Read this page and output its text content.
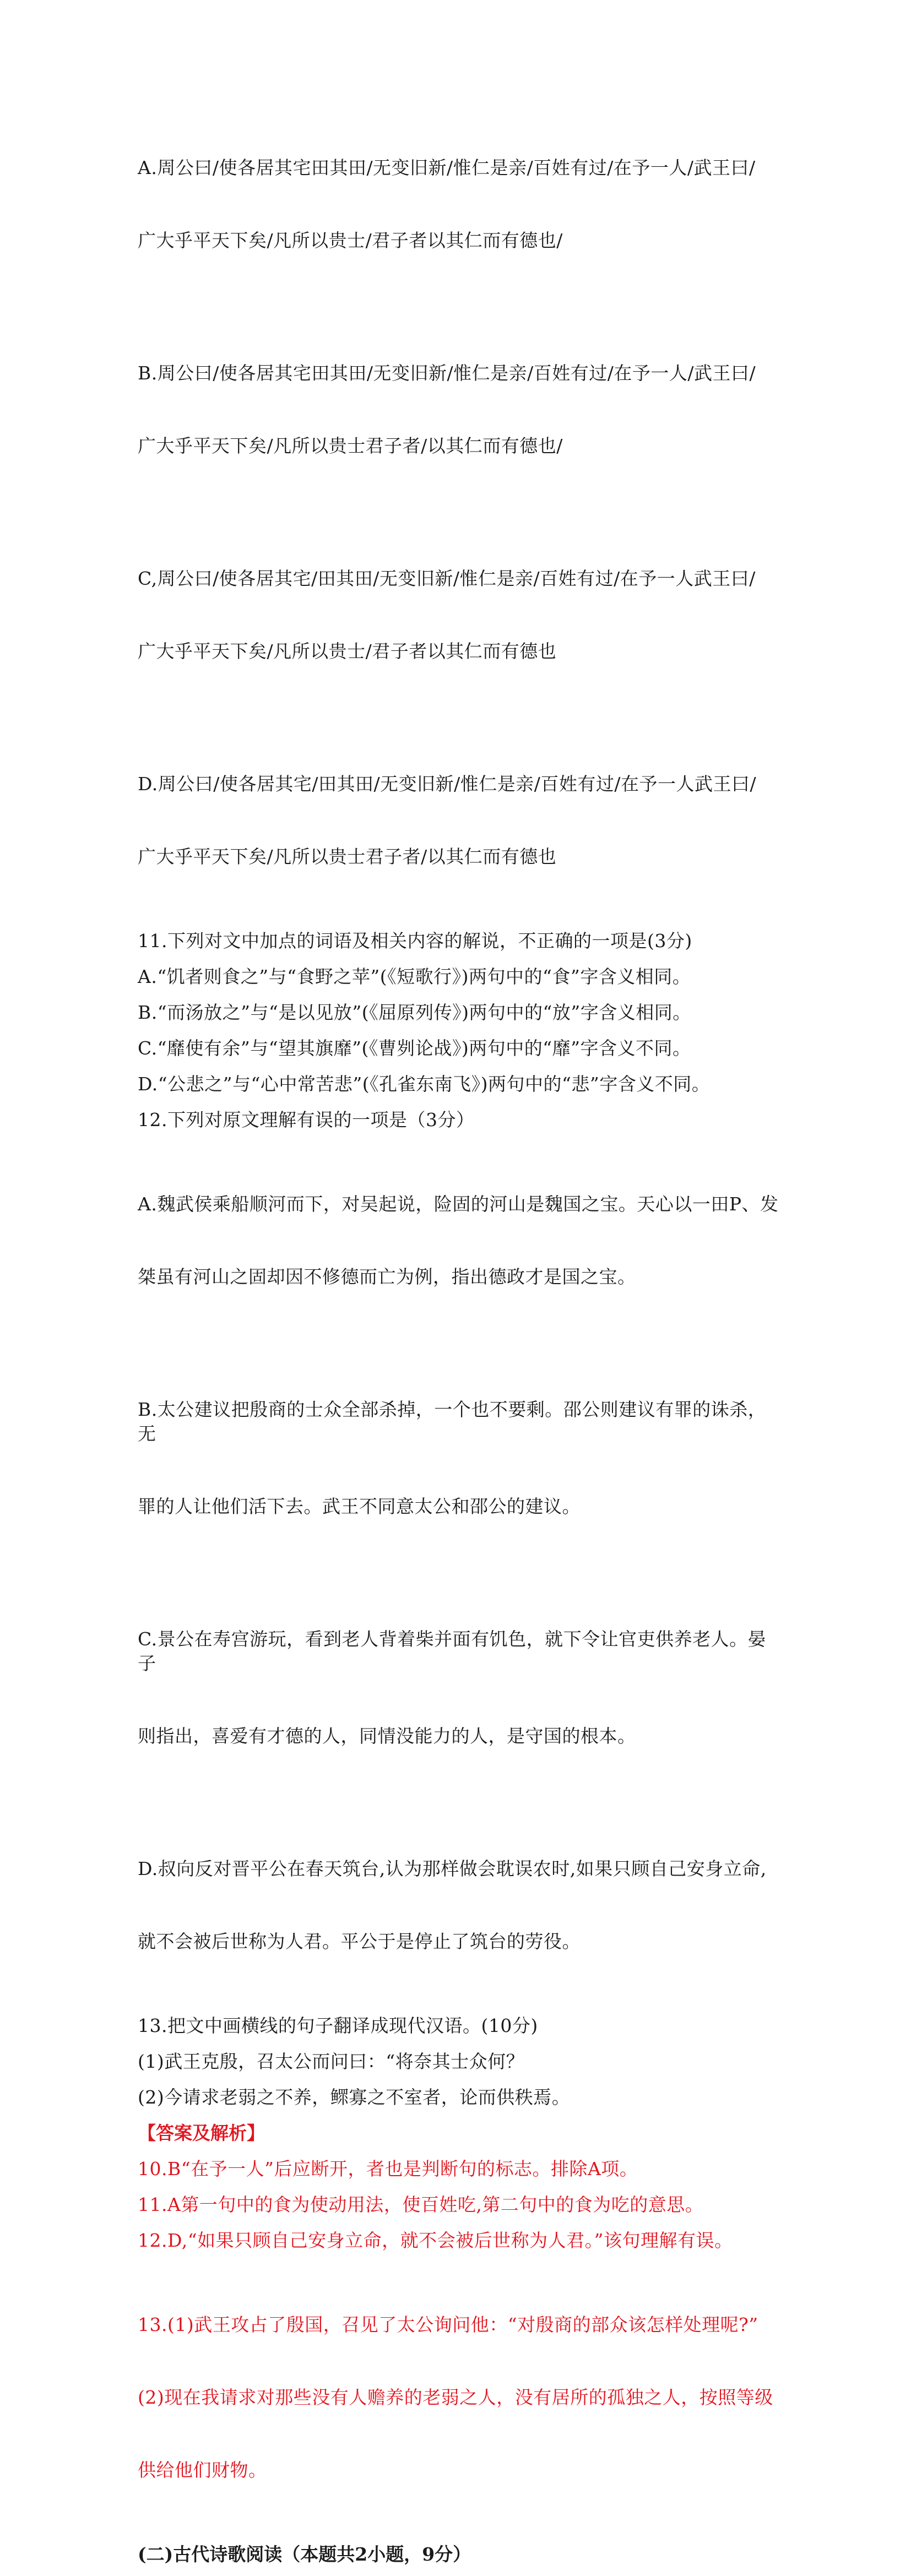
A.周公曰/使各居其宅田其田/无变旧新/惟仁是亲/百姓有过/在予一人/武王曰/

广大乎平天下矣/凡所以贵士/君子者以其仁而有德也/

B.周公曰/使各居其宅田其田/无变旧新/惟仁是亲/百姓有过/在予一人/武王曰/

广大乎平天下矣/凡所以贵士君子者/以其仁而有德也/

C,周公曰/使各居其宅/田其田/无变旧新/惟仁是亲/百姓有过/在予一人武王曰/

广大乎平天下矣/凡所以贵士/君子者以其仁而有德也

D.周公曰/使各居其宅/田其田/无变旧新/惟仁是亲/百姓有过/在予一人武王曰/

广大乎平天下矣/凡所以贵士君子者/以其仁而有德也

11.下列对文中加点的词语及相关内容的解说，不正确的一项是(3分)
A.“饥者则食之”与“食野之苹”(《短歌行》)两句中的“食”字含义相同。
B.“而汤放之”与“是以见放”(《屈原列传》)两句中的“放”字含义相同。
C.“靡使有余”与“望其旗靡”(《曹刿论战》)两句中的“靡”字含义不同。
D.“公悲之”与“心中常苦悲”(《孔雀东南飞》)两句中的“悲”字含义不同。
12.下列对原文理解有误的一项是（3分）

A.魏武侯乘船顺河而下，对吴起说，险固的河山是魏国之宝。天心以一田P、发

桀虽有河山之固却因不修德而亡为例，指出德政才是国之宝。

B.太公建议把殷商的士众全部杀掉，一个也不要剩。邵公则建议有罪的诛杀，无

罪的人让他们活下去。武王不同意太公和邵公的建议。

C.景公在寿宫游玩，看到老人背着柴并面有饥色，就下令让官吏供养老人。晏子

则指出，喜爱有才德的人，同情没能力的人，是守国的根本。

D.叔向反对晋平公在春天筑台,认为那样做会耽误农时,如果只顾自己安身立命,

就不会被后世称为人君。平公于是停止了筑台的劳役。

13.把文中画横线的句子翻译成现代汉语。(10分)
(1)武王克殷，召太公而问曰：“将奈其士众何？
(2)今请求老弱之不养，鳏寡之不室者，论而供秩焉。
【答案及解析】
10.B“在予一人”后应断开，者也是判断句的标志。排除A项。
11.A第一句中的食为使动用法，使百姓吃,第二句中的食为吃的意思。
12.D,“如果只顾自己安身立命，就不会被后世称为人君。”该句理解有误。

13.(1)武王攻占了殷国，召见了太公询问他：“对殷商的部众该怎样处理呢?”

(2)现在我请求对那些没有人赡养的老弱之人，没有居所的孤独之人，按照等级

供给他们财物。

(二)古代诗歌阅读（本题共2小题，9分）
